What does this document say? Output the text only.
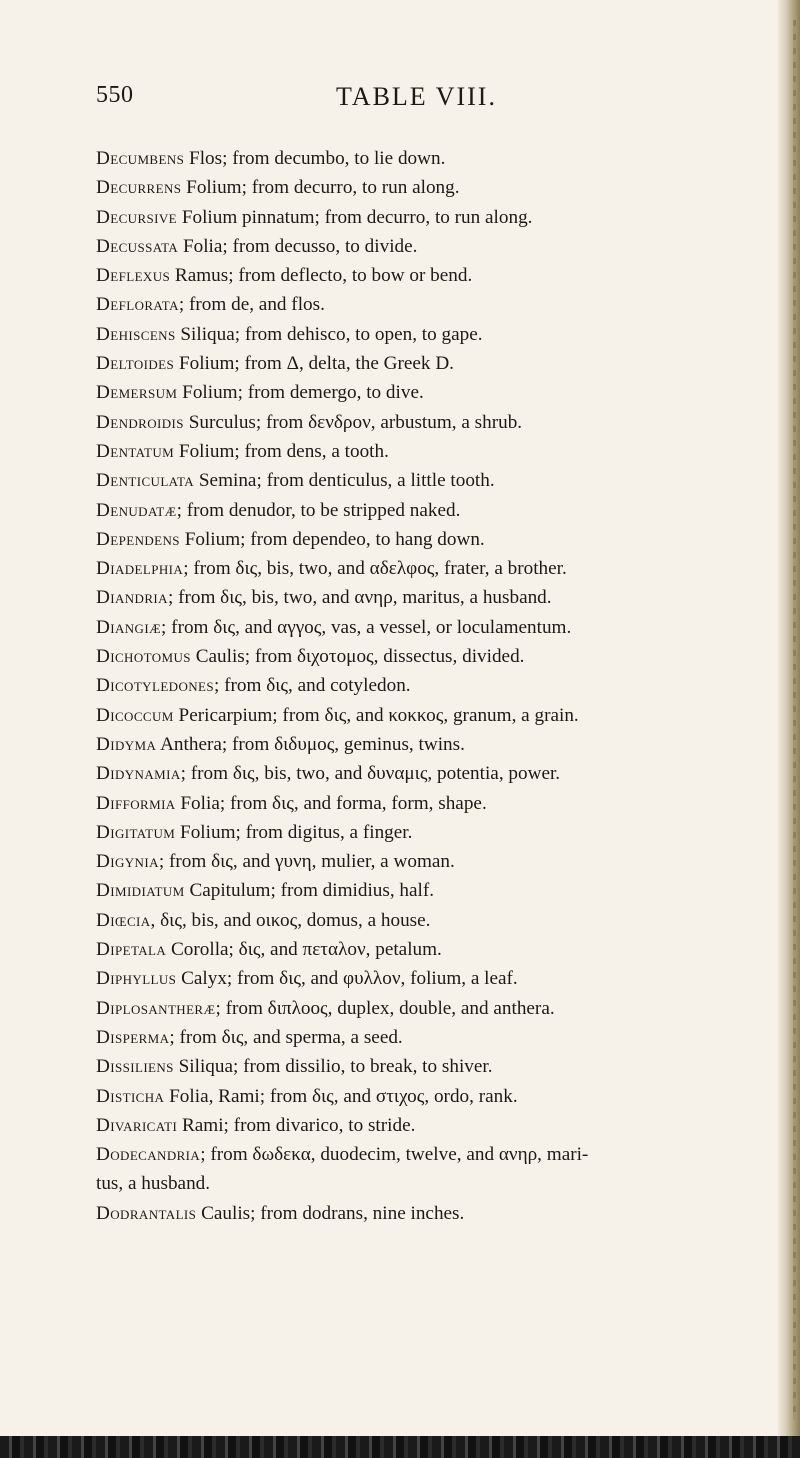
550	TABLE VIII.
Decumbens Flos; from decumbo, to lie down.
Decurrens Folium; from decurro, to run along.
Decursive Folium pinnatum; from decurro, to run along.
Decussata Folia; from decusso, to divide.
Deflexus Ramus; from deflecto, to bow or bend.
Deflorata; from de, and flos.
Dehiscens Siliqua; from dehisco, to open, to gape.
Deltoides Folium; from Δ, delta, the Greek D.
Demersum Folium; from demergo, to dive.
Dendroidis Surculus; from δενδρον, arbustum, a shrub.
Dentatum Folium; from dens, a tooth.
Denticulata Semina; from denticulus, a little tooth.
Denudatæ; from denudor, to be stripped naked.
Dependens Folium; from dependeo, to hang down.
Diadelphia; from δις, bis, two, and αδελφος, frater, a brother.
Diandria; from δις, bis, two, and ανηρ, maritus, a husband.
Diangiæ; from δις, and αγγος, vas, a vessel, or loculamentum.
Dichotomus Caulis; from διχοτομος, dissectus, divided.
Dicotyledones; from δις, and cotyledon.
Dicoccum Pericarpium; from δις, and κοκκος, granum, a grain.
Didyma Anthera; from διδυμος, geminus, twins.
Didynamia; from δις, bis, two, and δυναμις, potentia, power.
Difformia Folia; from δις, and forma, form, shape.
Digitatum Folium; from digitus, a finger.
Digynia; from δις, and γυνη, mulier, a woman.
Dimidiatum Capitulum; from dimidius, half.
Diœcia, δις, bis, and οικος, domus, a house.
Dipetala Corolla; δις, and πεταλον, petalum.
Diphyllus Calyx; from δις, and φυλλον, folium, a leaf.
Diplosantheræ; from διπλοος, duplex, double, and anthera.
Disperma; from δις, and sperma, a seed.
Dissiliens Siliqua; from dissilio, to break, to shiver.
Disticha Folia, Rami; from δις, and στιχος, ordo, rank.
Divaricati Rami; from divarico, to stride.
Dodecandria; from δωδεκα, duodecim, twelve, and ανηρ, mari-
tus, a husband.
Dodrantalis Caulis; from dodrans, nine inches.
